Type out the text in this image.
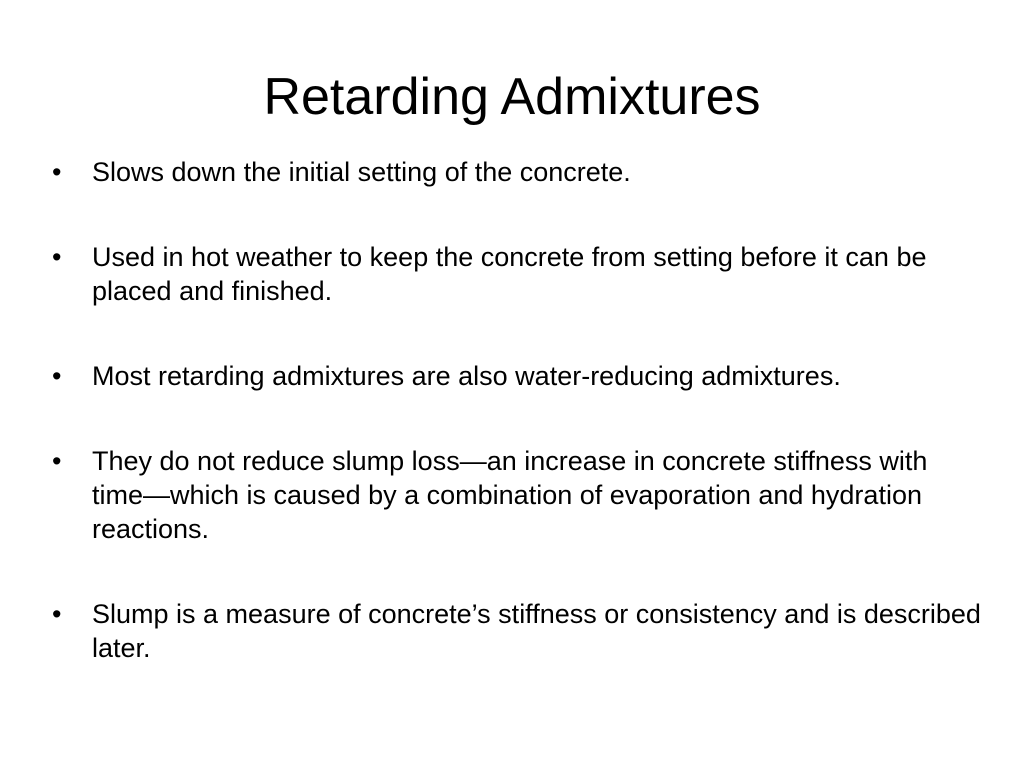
Retarding Admixtures
•	Slows down the initial setting of the concrete.
•	Used in hot weather to keep the concrete from setting before it can be placed and finished.
•	Most retarding admixtures are also water-reducing admixtures.
•	They do not reduce slump loss—an increase in concrete stiffness with time—which is caused by a combination of evaporation and hydration reactions.
•	Slump is a measure of concrete’s stiffness or consistency and is described later.
